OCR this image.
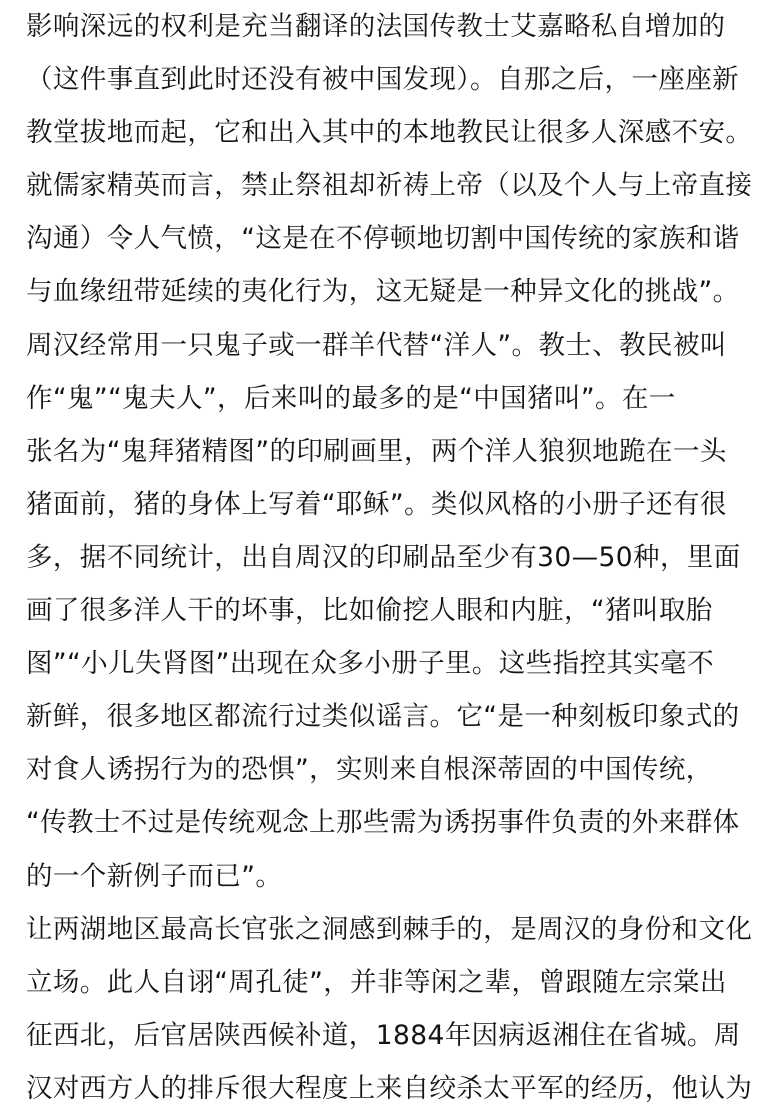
影响深远的权利是充当翻译的法国传教士艾嘉略私自增加的
（这件事直到此时还没有被中国发现）。自那之后，一座座新
教堂拔地而起，它和出入其中的本地教民让很多人深感不安。
就儒家精英而言，禁止祭祖却祈祷上帝（以及个人与上帝直接
沟通）令人气愤，“这是在不停顿地切割中国传统的家族和谐
与血缘纽带延续的夷化行为，这无疑是一种异文化的挑战”。
周汉经常用一只鬼子或一群羊代替“洋人”。教士、教民被叫
作“鬼”“鬼夫人”，后来叫的最多的是“中国猪叫”。在一
张名为“鬼拜猪精图”的印刷画里，两个洋人狼狈地跪在一头
猪面前，猪的身体上写着“耶稣”。类似风格的小册子还有很
多，据不同统计，出自周汉的印刷品至少有30—50种，里面
画了很多洋人干的坏事，比如偷挖人眼和内脏，“猪叫取胎
图”“小儿失肾图”出现在众多小册子里。这些指控其实毫不
新鲜，很多地区都流行过类似谣言。它“是一种刻板印象式的
对食人诱拐行为的恐惧”，实则来自根深蒂固的中国传统，
“传教士不过是传统观念上那些需为诱拐事件负责的外来群体
的一个新例子而已”。
让两湖地区最高长官张之洞感到棘手的，是周汉的身份和文化
立场。此人自诩“周孔徒”，并非等闲之辈，曾跟随左宗棠出
征西北，后官居陕西候补道，1884年因病返湘住在省城。周
汉对西方人的排斥很大程度上来自绞杀太平军的经历，他认为
